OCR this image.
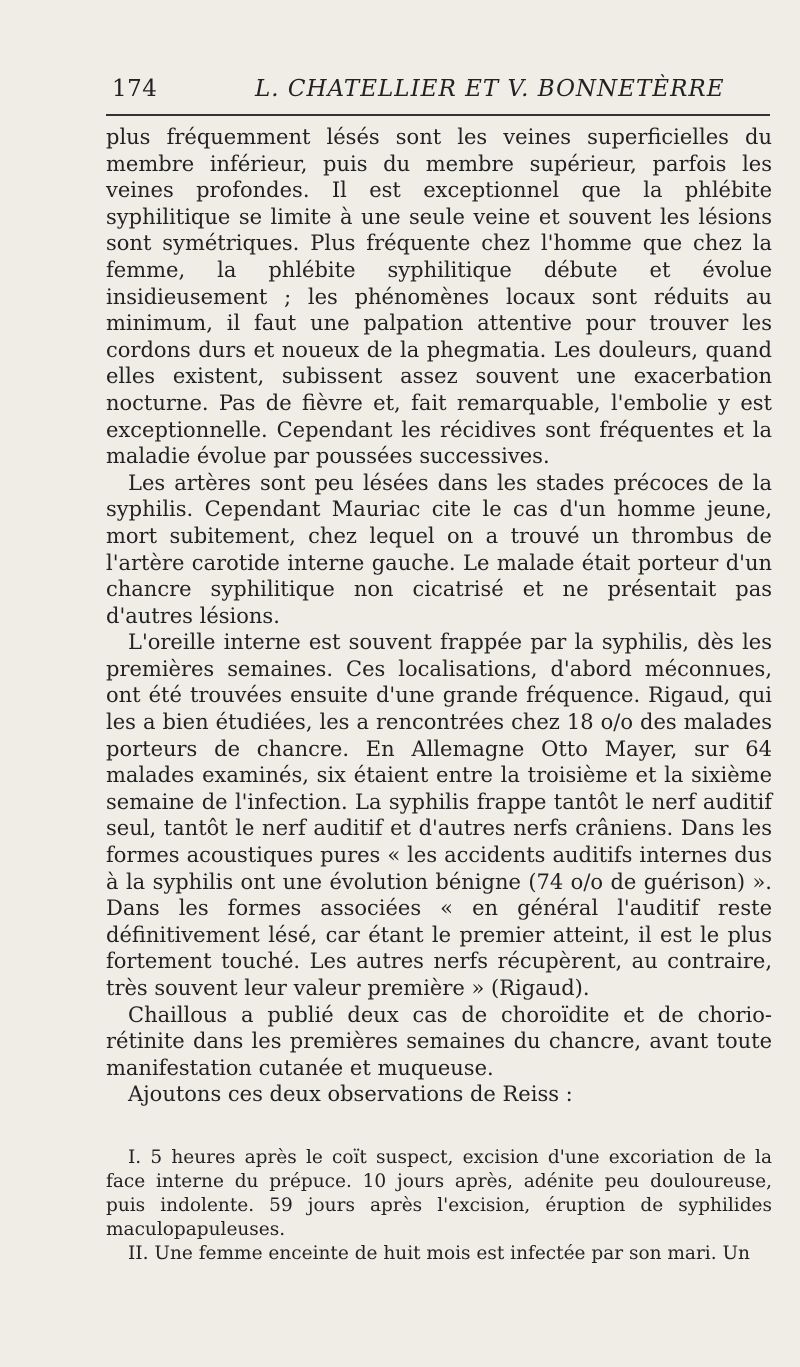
174	L. CHATELLIER ET V. BONNETÈRRE

plus fréquemment lésés sont les veines superficielles du membre inférieur, puis du membre supérieur, parfois les veines profondes. Il est exceptionnel que la phlébite syphilitique se limite à une seule veine et souvent les lésions sont symétriques. Plus fréquente chez l'homme que chez la femme, la phlébite syphilitique débute et évolue insidieusement ; les phénomènes locaux sont réduits au minimum, il faut une palpation attentive pour trouver les cordons durs et noueux de la phegmatia. Les douleurs, quand elles existent, subissent assez souvent une exacerbation nocturne. Pas de fièvre et, fait remarquable, l'embolie y est exceptionnelle. Cependant les récidives sont fréquentes et la maladie évolue par poussées successives.

Les artères sont peu lésées dans les stades précoces de la syphilis. Cependant Mauriac cite le cas d'un homme jeune, mort subitement, chez lequel on a trouvé un thrombus de l'artère carotide interne gauche. Le malade était porteur d'un chancre syphilitique non cicatrisé et ne présentait pas d'autres lésions.

L'oreille interne est souvent frappée par la syphilis, dès les premières semaines. Ces localisations, d'abord méconnues, ont été trouvées ensuite d'une grande fréquence. Rigaud, qui les a bien étudiées, les a rencontrées chez 18 o/o des malades porteurs de chancre. En Allemagne Otto Mayer, sur 64 malades examinés, six étaient entre la troisième et la sixième semaine de l'infection. La syphilis frappe tantôt le nerf auditif seul, tantôt le nerf auditif et d'autres nerfs crâniens. Dans les formes acoustiques pures « les accidents auditifs internes dus à la syphilis ont une évolution bénigne (74 o/o de guérison) ». Dans les formes associées « en général l'auditif reste définitivement lésé, car étant le premier atteint, il est le plus fortement touché. Les autres nerfs récupèrent, au contraire, très souvent leur valeur première » (Rigaud).

Chaillous a publié deux cas de choroïdite et de chorio-rétinite dans les premières semaines du chancre, avant toute manifestation cutanée et muqueuse.

Ajoutons ces deux observations de Reiss :

I. 5 heures après le coït suspect, excision d'une excoriation de la face interne du prépuce. 10 jours après, adénite peu douloureuse, puis indolente. 59 jours après l'excision, éruption de syphilides maculopapuleuses.

II. Une femme enceinte de huit mois est infectée par son mari. Un
